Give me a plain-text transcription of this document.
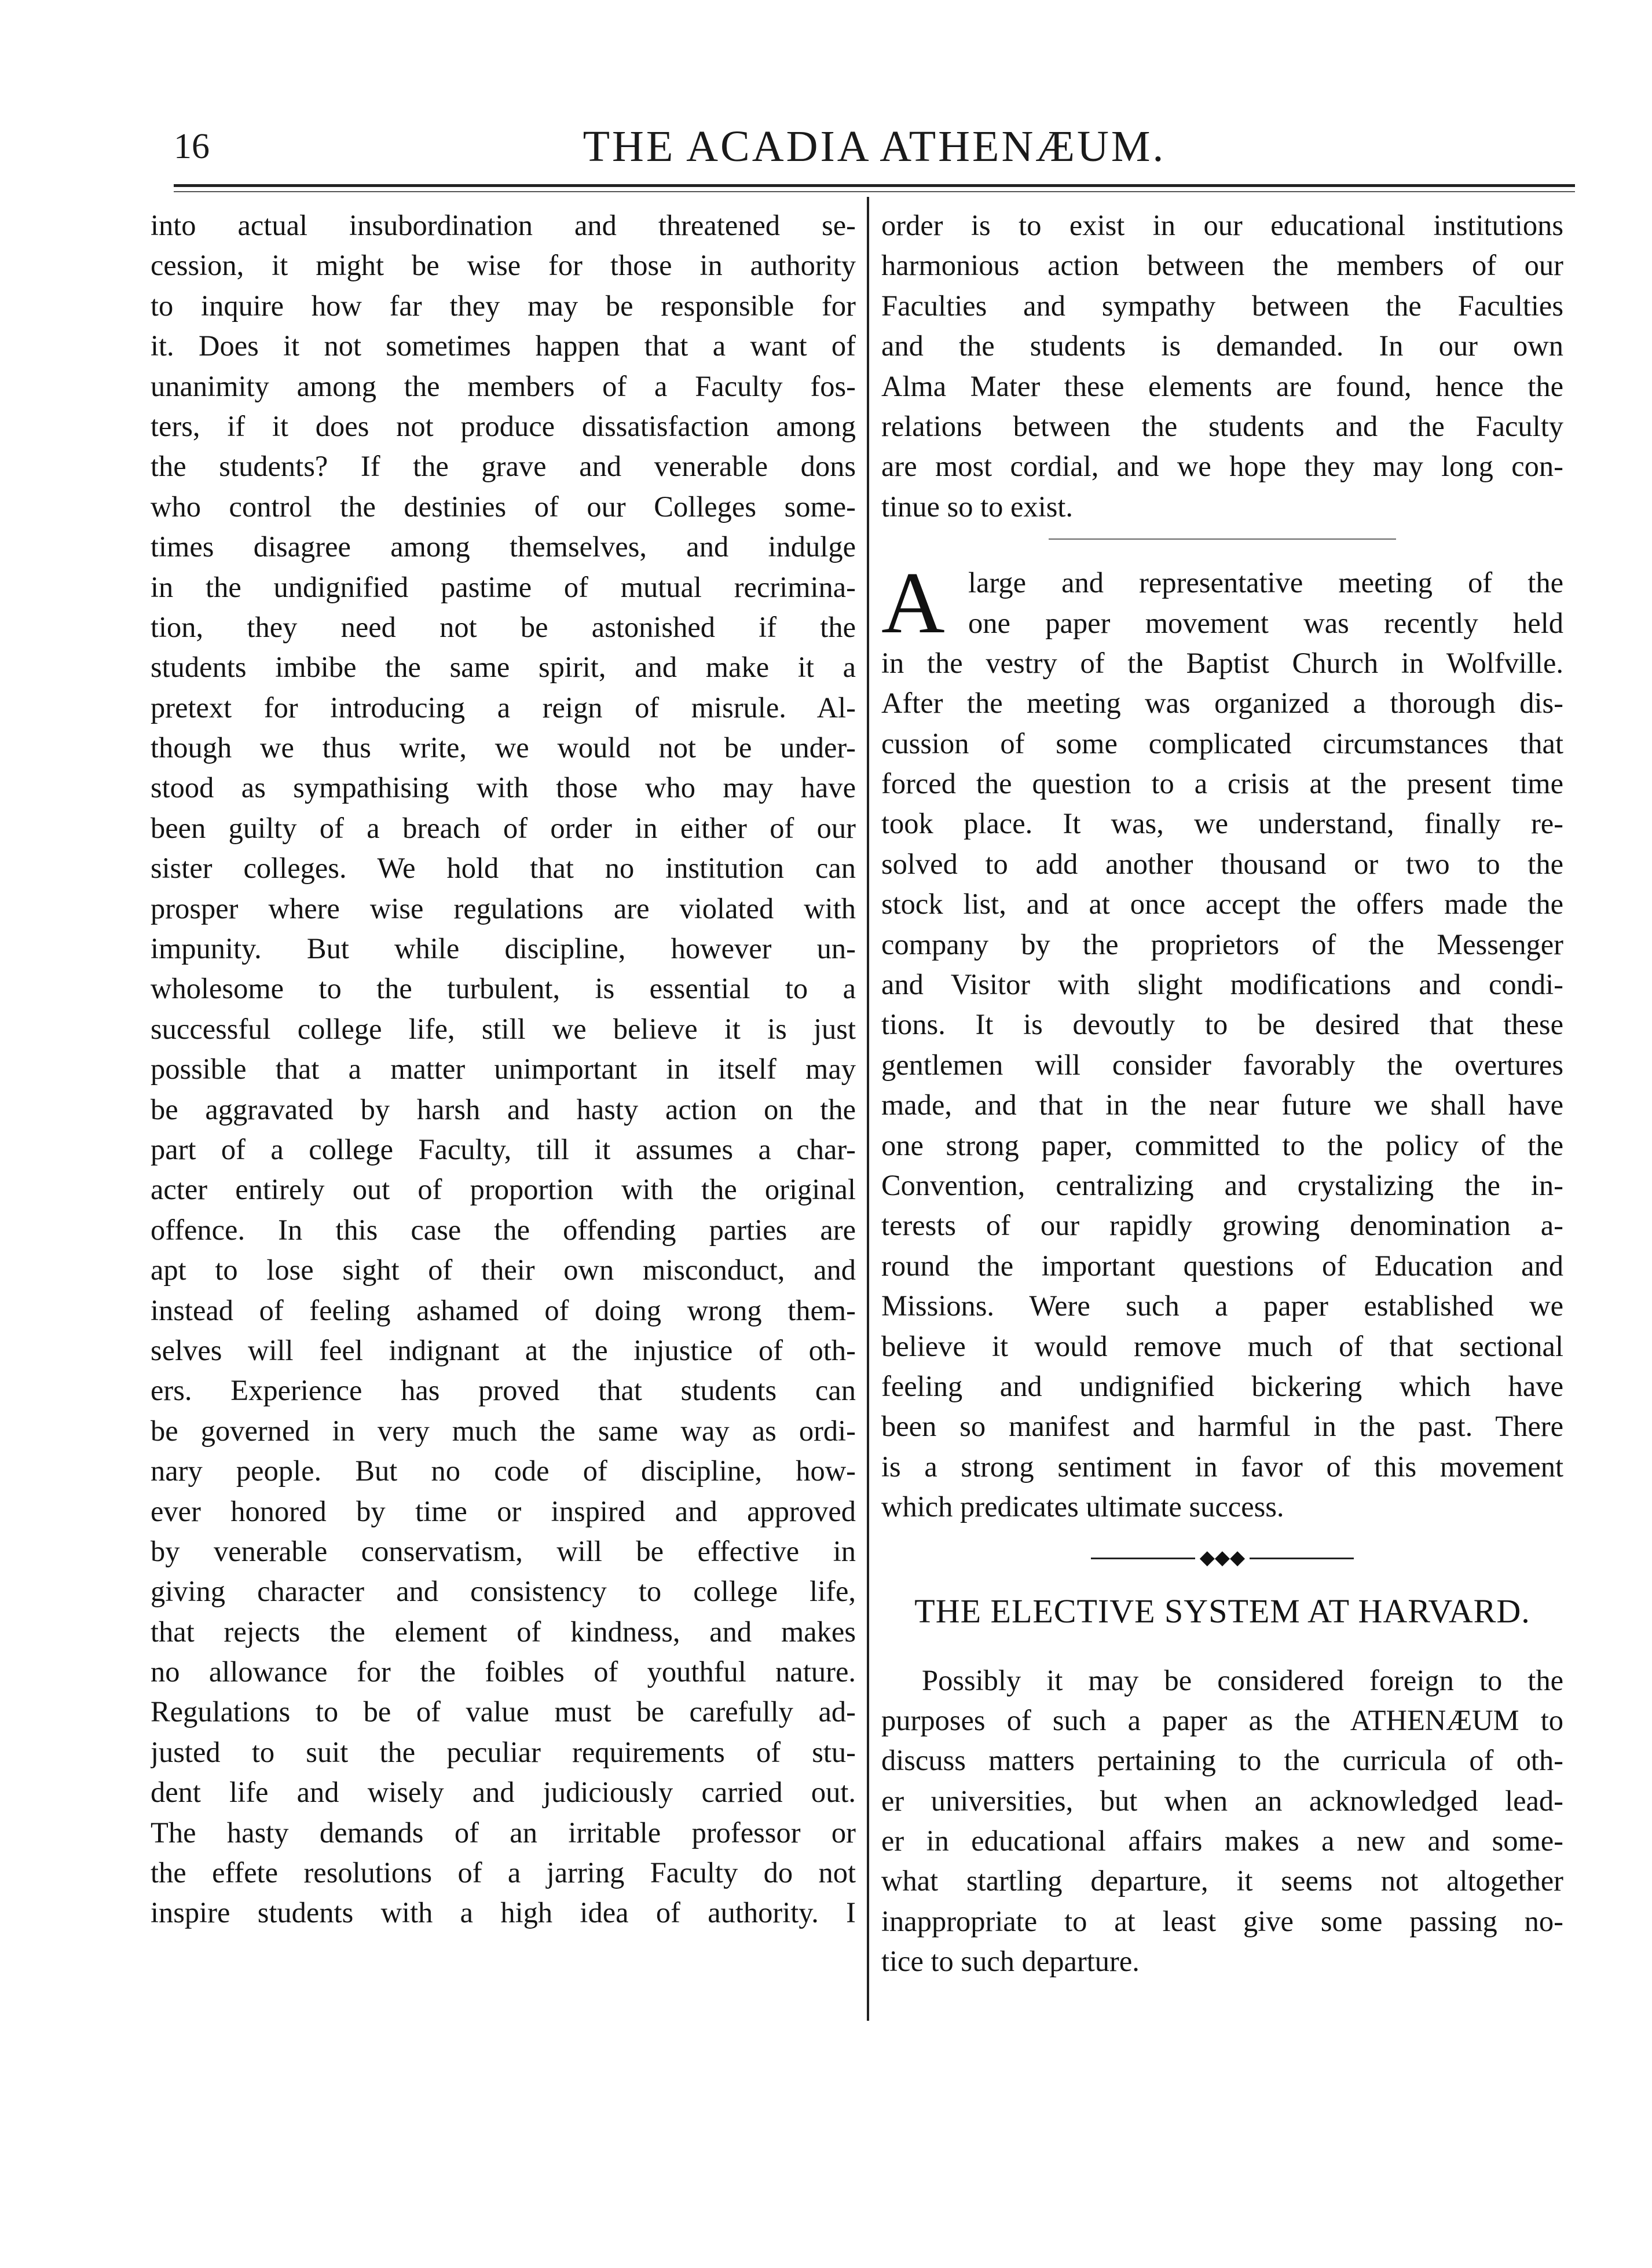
16	THE ACADIA ATHENÆUM.
into actual insubordination and threatened se-
cession, it might be wise for those in authority
to inquire how far they may be responsible for
it. Does it not sometimes happen that a want of
unanimity among the members of a Faculty fos-
ters, if it does not produce dissatisfaction among
the students? If the grave and venerable dons
who control the destinies of our Colleges some-
times disagree among themselves, and indulge
in the undignified pastime of mutual recrimina-
tion, they need not be astonished if the
students imbibe the same spirit, and make it a
pretext for introducing a reign of misrule. Al-
though we thus write, we would not be under-
stood as sympathising with those who may have
been guilty of a breach of order in either of our
sister colleges. We hold that no institution can
prosper where wise regulations are violated with
impunity. But while discipline, however un-
wholesome to the turbulent, is essential to a
successful college life, still we believe it is just
possible that a matter unimportant in itself may
be aggravated by harsh and hasty action on the
part of a college Faculty, till it assumes a char-
acter entirely out of proportion with the original
offence. In this case the offending parties are
apt to lose sight of their own misconduct, and
instead of feeling ashamed of doing wrong them-
selves will feel indignant at the injustice of oth-
ers. Experience has proved that students can
be governed in very much the same way as ordi-
nary people. But no code of discipline, how-
ever honored by time or inspired and approved
by venerable conservatism, will be effective in
giving character and consistency to college life,
that rejects the element of kindness, and makes
no allowance for the foibles of youthful nature.
Regulations to be of value must be carefully ad-
justed to suit the peculiar requirements of stu-
dent life and wisely and judiciously carried out.
The hasty demands of an irritable professor or
the effete resolutions of a jarring Faculty do not
inspire students with a high idea of authority. I
order is to exist in our educational institutions
harmonious action between the members of our
Faculties and sympathy between the Faculties
and the students is demanded. In our own
Alma Mater these elements are found, hence the
relations between the students and the Faculty
are most cordial, and we hope they may long con-
tinue so to exist.
A large and representative meeting of the
one paper movement was recently held
in the vestry of the Baptist Church in Wolfville.
After the meeting was organized a thorough dis-
cussion of some complicated circumstances that
forced the question to a crisis at the present time
took place. It was, we understand, finally re-
solved to add another thousand or two to the
stock list, and at once accept the offers made the
company by the proprietors of the Messenger
and Visitor with slight modifications and condi-
tions. It is devoutly to be desired that these
gentlemen will consider favorably the overtures
made, and that in the near future we shall have
one strong paper, committed to the policy of the
Convention, centralizing and crystalizing the in-
terests of our rapidly growing denomination a-
round the important questions of Education and
Missions. Were such a paper established we
believe it would remove much of that sectional
feeling and undignified bickering which have
been so manifest and harmful in the past. There
is a strong sentiment in favor of this movement
which predicates ultimate success.
◆◆◆
THE ELECTIVE SYSTEM AT HARVARD.
Possibly it may be considered foreign to the
purposes of such a paper as the ATHENÆUM to
discuss matters pertaining to the curricula of oth-
er universities, but when an acknowledged lead-
er in educational affairs makes a new and some-
what startling departure, it seems not altogether
inappropriate to at least give some passing no-
tice to such departure.
